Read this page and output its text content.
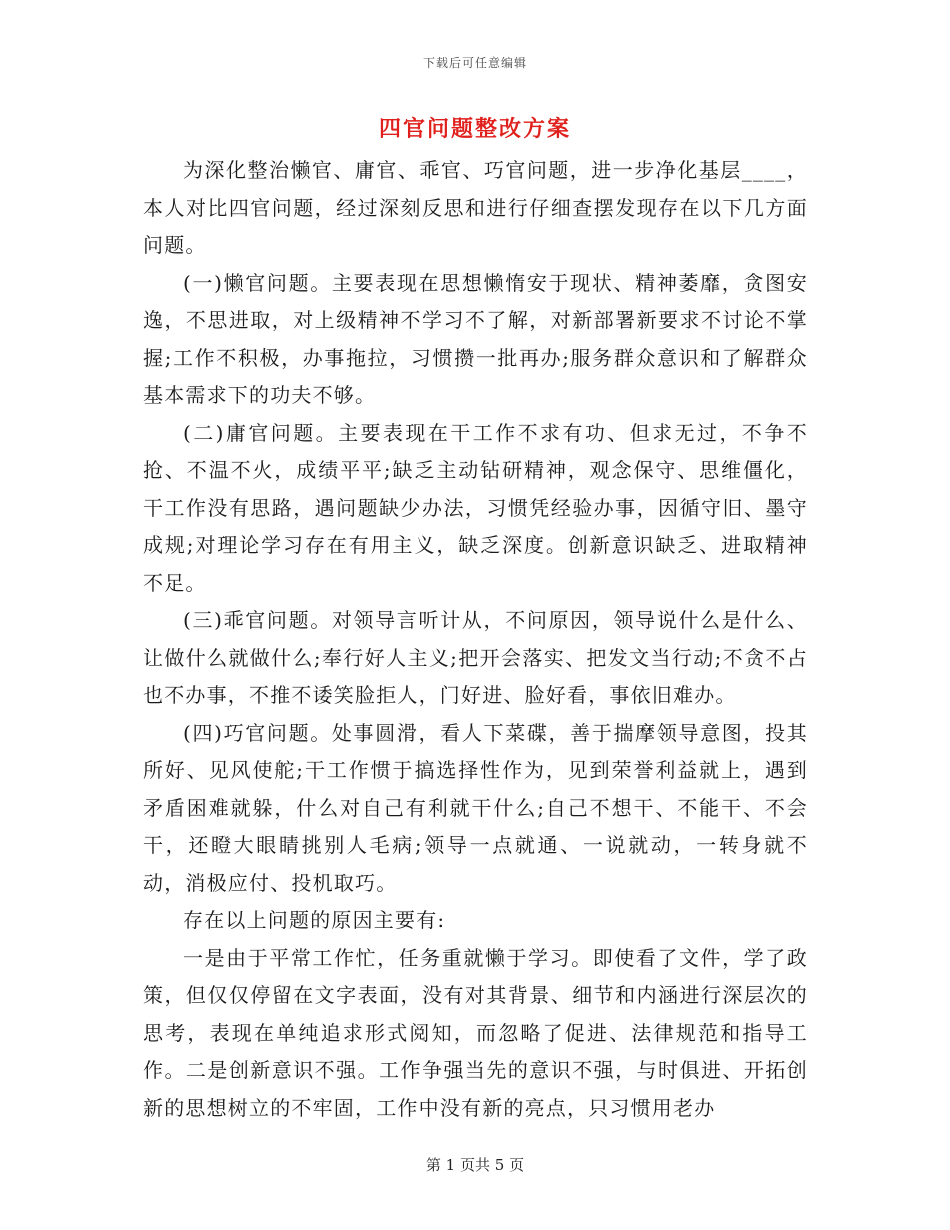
下载后可任意编辑
四官问题整改方案

为深化整治懒官、庸官、乖官、巧官问题，进一步净化基层____，本人对比四官问题，经过深刻反思和进行仔细查摆发现存在以下几方面问题。

(一)懒官问题。主要表现在思想懒惰安于现状、精神萎靡，贪图安逸，不思进取，对上级精神不学习不了解，对新部署新要求不讨论不掌握;工作不积极，办事拖拉，习惯攒一批再办;服务群众意识和了解群众基本需求下的功夫不够。

(二)庸官问题。主要表现在干工作不求有功、但求无过，不争不抢、不温不火，成绩平平;缺乏主动钻研精神，观念保守、思维僵化，干工作没有思路，遇问题缺少办法，习惯凭经验办事，因循守旧、墨守成规;对理论学习存在有用主义，缺乏深度。创新意识缺乏、进取精神不足。

(三)乖官问题。对领导言听计从，不问原因，领导说什么是什么、让做什么就做什么;奉行好人主义;把开会落实、把发文当行动;不贪不占也不办事，不推不诿笑脸拒人，门好进、脸好看，事依旧难办。

(四)巧官问题。处事圆滑，看人下菜碟，善于揣摩领导意图，投其所好、见风使舵;干工作惯于搞选择性作为，见到荣誉利益就上，遇到矛盾困难就躲，什么对自己有利就干什么;自己不想干、不能干、不会干，还瞪大眼睛挑别人毛病;领导一点就通、一说就动，一转身就不动，消极应付、投机取巧。

存在以上问题的原因主要有:

一是由于平常工作忙，任务重就懒于学习。即使看了文件，学了政策，但仅仅停留在文字表面，没有对其背景、细节和内涵进行深层次的思考，表现在单纯追求形式阅知，而忽略了促进、法律规范和指导工作。二是创新意识不强。工作争强当先的意识不强，与时俱进、开拓创新的思想树立的不牢固，工作中没有新的亮点，只习惯用老办

第 1 页共 5 页
